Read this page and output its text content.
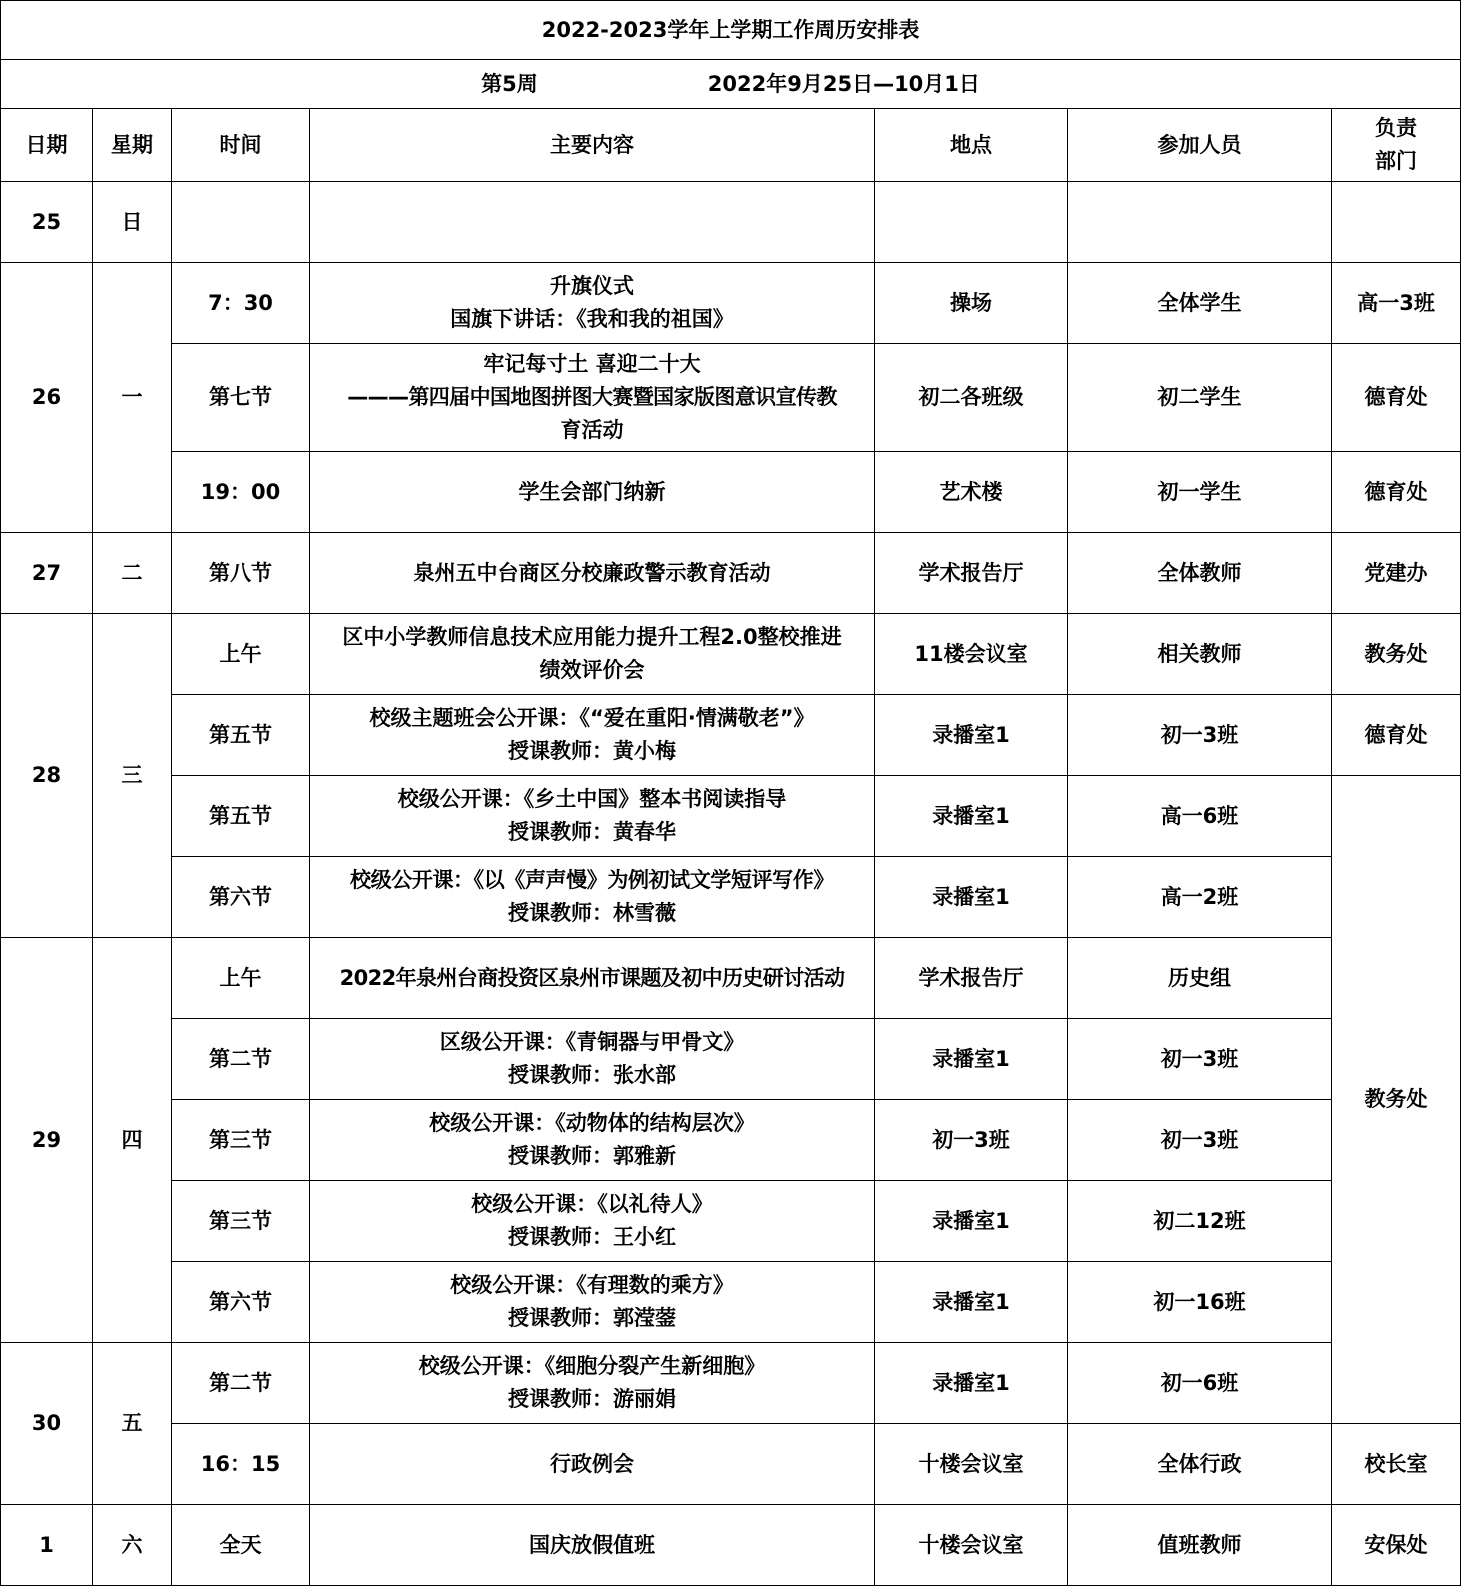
2022-2023学年上学期工作周历安排表						
第5周 2022年9月25日—10月1日						
日期	星期	时间	主要内容	地点	参加人员	负责
部门

25	日					
26	一	7：30	升旗仪式
国旗下讲话：《我和我的祖国》	操场	全体学生	高一3班
		第七节	牢记每寸土 喜迎二十大
———第四届中国地图拼图大赛暨国家版图意识宣传教
育活动	初二各班级	初二学生	德育处
		19：00	学生会部门纳新	艺术楼	初一学生	德育处
27	二	第八节	泉州五中台商区分校廉政警示教育活动	学术报告厅	全体教师	党建办
28	三	上午	区中小学教师信息技术应用能力提升工程2.0整校推进
绩效评价会	11楼会议室	相关教师	教务处
		第五节	校级主题班会公开课：《“爱在重阳·情满敬老”》
授课教师：黄小梅	录播室1	初一3班	德育处
		第五节	校级公开课：《乡土中国》整本书阅读指导
授课教师：黄春华	录播室1	高一6班	教务处
		第六节	校级公开课：《以《声声慢》为例初试文学短评写作》
授课教师：林雪薇	录播室1	高一2班	
29	四	上午	2022年泉州台商投资区泉州市课题及初中历史研讨活动	学术报告厅	历史组	
		第二节	区级公开课：《青铜器与甲骨文》
授课教师：张水部	录播室1	初一3班	
		第三节	校级公开课：《动物体的结构层次》
授课教师：郭雅新	初一3班	初一3班	
		第三节	校级公开课：《以礼待人》
授课教师：王小红	录播室1	初二12班	
		第六节	校级公开课：《有理数的乘方》
授课教师：郭滢蓥	录播室1	初一16班	
30	五	第二节	校级公开课：《细胞分裂产生新细胞》
授课教师：游丽娟	录播室1	初一6班	
		16：15	行政例会	十楼会议室	全体行政	校长室
1	六	全天	国庆放假值班	十楼会议室	值班教师	安保处
